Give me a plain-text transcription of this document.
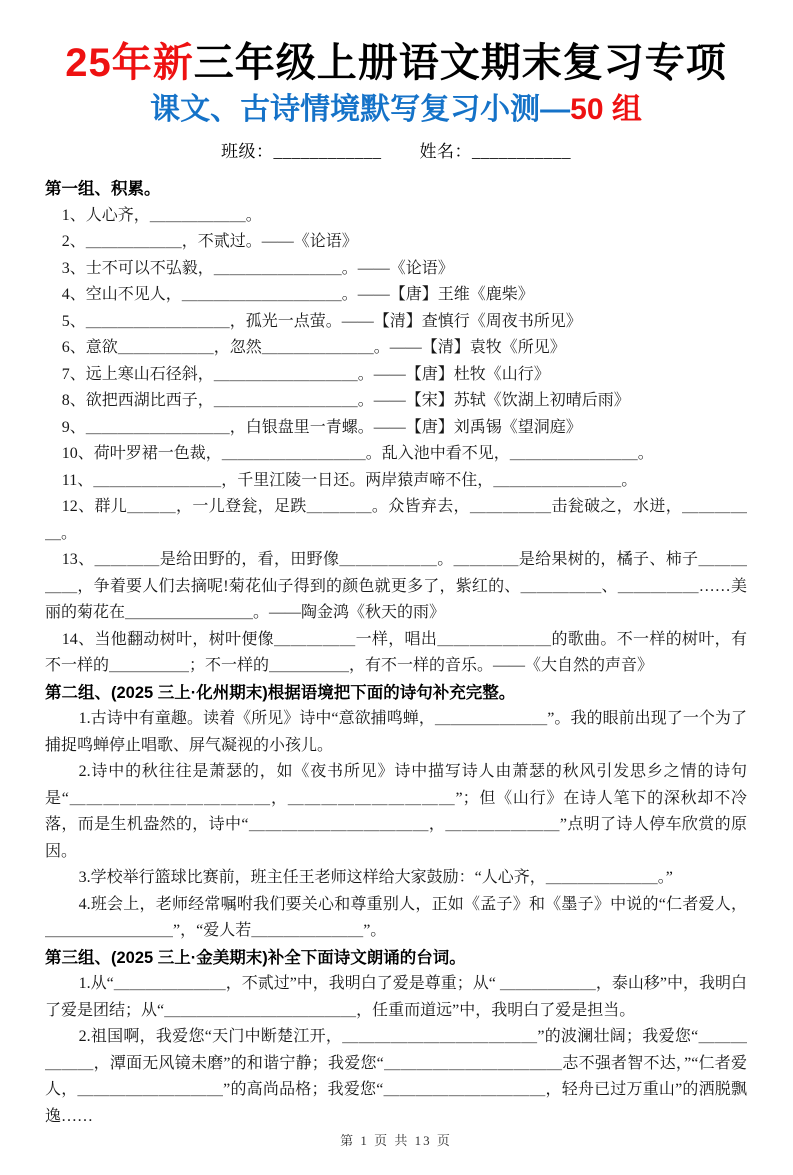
25年新三年级上册语文期末复习专项
课文、古诗情境默写复习小测—50 组
班级：____________ 姓名：___________
第一组、积累。

1、人心齐，＿＿＿＿＿＿。

2、＿＿＿＿＿＿，不贰过。——《论语》

3、士不可以不弘毅，＿＿＿＿＿＿＿＿。——《论语》

4、空山不见人，＿＿＿＿＿＿＿＿＿＿。——【唐】王维《鹿柴》

5、＿＿＿＿＿＿＿＿＿，孤光一点萤。——【清】查慎行《周夜书所见》

6、意欲＿＿＿＿＿＿，忽然＿＿＿＿＿＿＿。——【清】袁牧《所见》

7、远上寒山石径斜，＿＿＿＿＿＿＿＿＿。——【唐】杜牧《山行》

8、欲把西湖比西子，＿＿＿＿＿＿＿＿＿。——【宋】苏轼《饮湖上初晴后雨》

9、＿＿＿＿＿＿＿＿＿，白银盘里一青螺。——【唐】刘禹锡《望洞庭》

10、荷叶罗裙一色裁，＿＿＿＿＿＿＿＿＿。乱入池中看不见，＿＿＿＿＿＿＿＿。

11、＿＿＿＿＿＿＿＿，千里江陵一日还。两岸猿声啼不住，＿＿＿＿＿＿＿＿。

12、群儿＿＿＿，一儿登瓮，足跌＿＿＿＿。众皆弃去，＿＿＿＿＿击瓮破之，水迸，＿＿＿＿＿。

13、＿＿＿＿是给田野的，看，田野像＿＿＿＿＿＿。＿＿＿＿是给果树的，橘子、柿子＿＿＿＿＿，争着要人们去摘呢!菊花仙子得到的颜色就更多了，紫红的、＿＿＿＿＿、＿＿＿＿＿……美丽的菊花在＿＿＿＿＿＿＿＿。——陶金鸿《秋天的雨》

14、当他翻动树叶，树叶便像＿＿＿＿＿一样，唱出＿＿＿＿＿＿＿的歌曲。不一样的树叶，有不一样的＿＿＿＿＿；不一样的＿＿＿＿＿，有不一样的音乐。——《大自然的声音》

第二组、(2025 三上·化州期末)根据语境把下面的诗句补充完整。

1.古诗中有童趣。读着《所见》诗中“意欲捕鸣蝉，＿＿＿＿＿＿＿”。我的眼前出现了一个为了捕捉鸣蝉停止唱歌、屏气凝视的小孩儿。

2.诗中的秋往往是萧瑟的，如《夜书所见》诗中描写诗人由萧瑟的秋风引发思乡之情的诗句是“＿＿＿＿＿＿＿＿＿＿＿＿，＿＿＿＿＿＿＿＿＿＿”；但《山行》在诗人笔下的深秋却不冷落，而是生机盎然的，诗中“＿＿＿＿＿＿＿＿＿＿＿，＿＿＿＿＿＿＿”点明了诗人停车欣赏的原因。

3.学校举行篮球比赛前，班主任王老师这样给大家鼓励：“人心齐，＿＿＿＿＿＿＿。”

4.班会上，老师经常嘱咐我们要关心和尊重别人，正如《孟子》和《墨子》中说的“仁者爱人，＿＿＿＿＿＿＿＿”，“爱人若＿＿＿＿＿＿＿”。

第三组、(2025 三上·金美期末)补全下面诗文朗诵的台词。

1.从“＿＿＿＿＿＿＿，不贰过”中，我明白了爱是尊重；从“ ＿＿＿＿＿＿，泰山移”中，我明白了爱是团结；从“＿＿＿＿＿＿＿＿＿＿＿＿，任重而道远”中，我明白了爱是担当。

2.祖国啊，我爱您“天门中断楚江开，＿＿＿＿＿＿＿＿＿＿＿＿”的波澜壮阔；我爱您“＿＿＿＿＿＿，潭面无风镜未磨”的和谐宁静；我爱您“＿＿＿＿＿＿＿＿＿＿＿志不强者智不达，”“仁者爱人，＿＿＿＿＿＿＿＿＿”的高尚品格；我爱您“＿＿＿＿＿＿＿＿＿＿，轻舟已过万重山”的洒脱飘逸……

第 1 页 共 13 页
